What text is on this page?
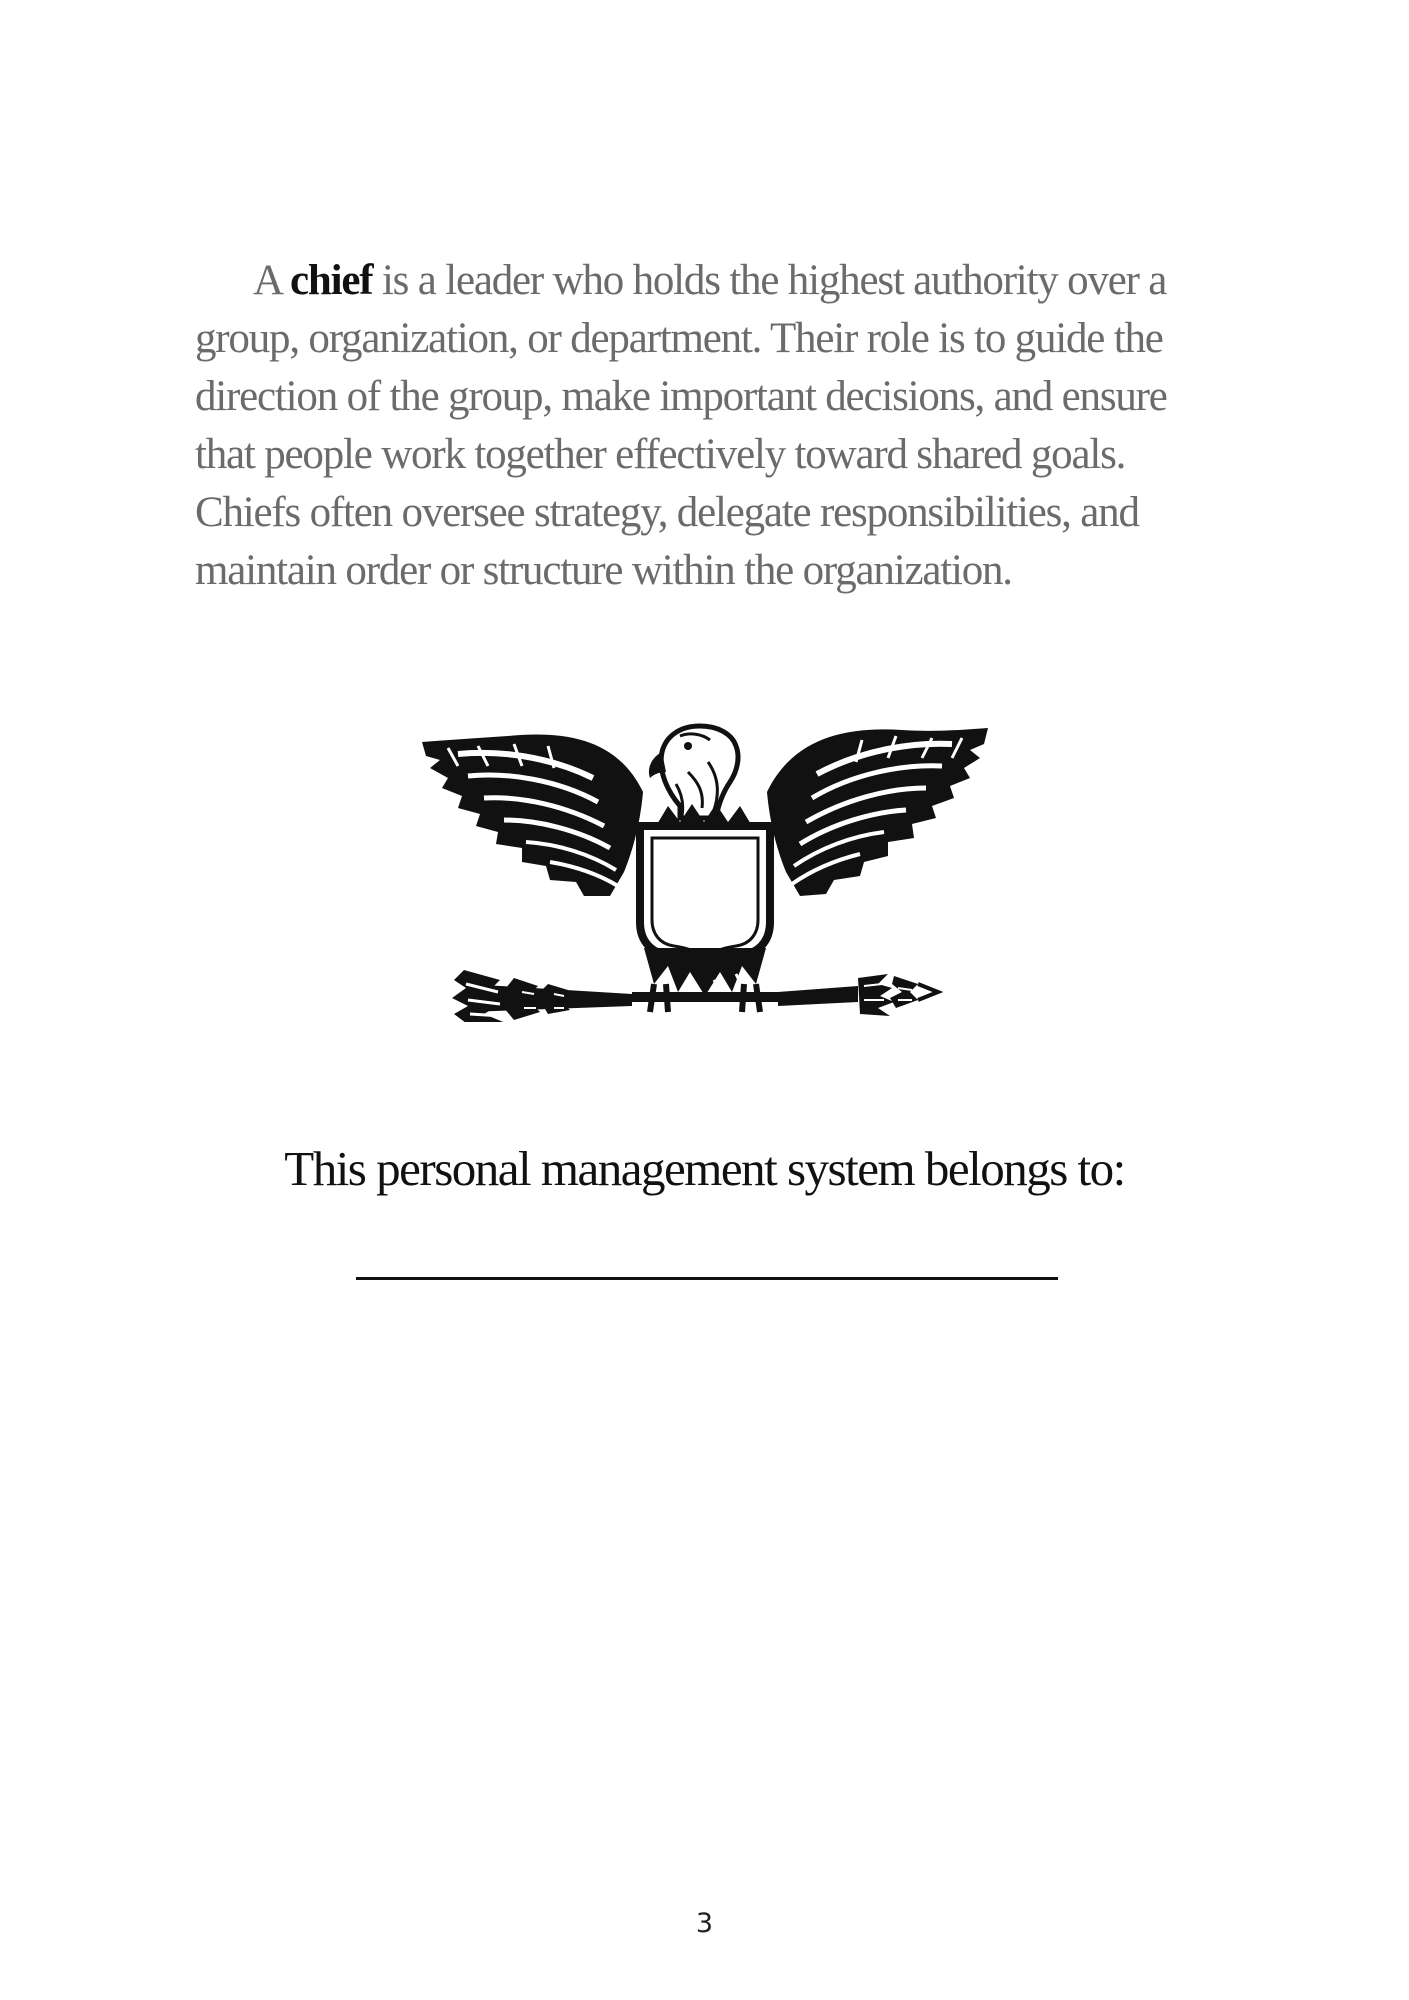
A chief is a leader who holds the highest authority over a group, organization, or department. Their role is to guide the direction of the group, make important decisions, and ensure that people work together effectively toward shared goals. Chiefs often oversee strategy, delegate responsibilities, and maintain order or structure within the organization.

This personal management system belongs to:

3
